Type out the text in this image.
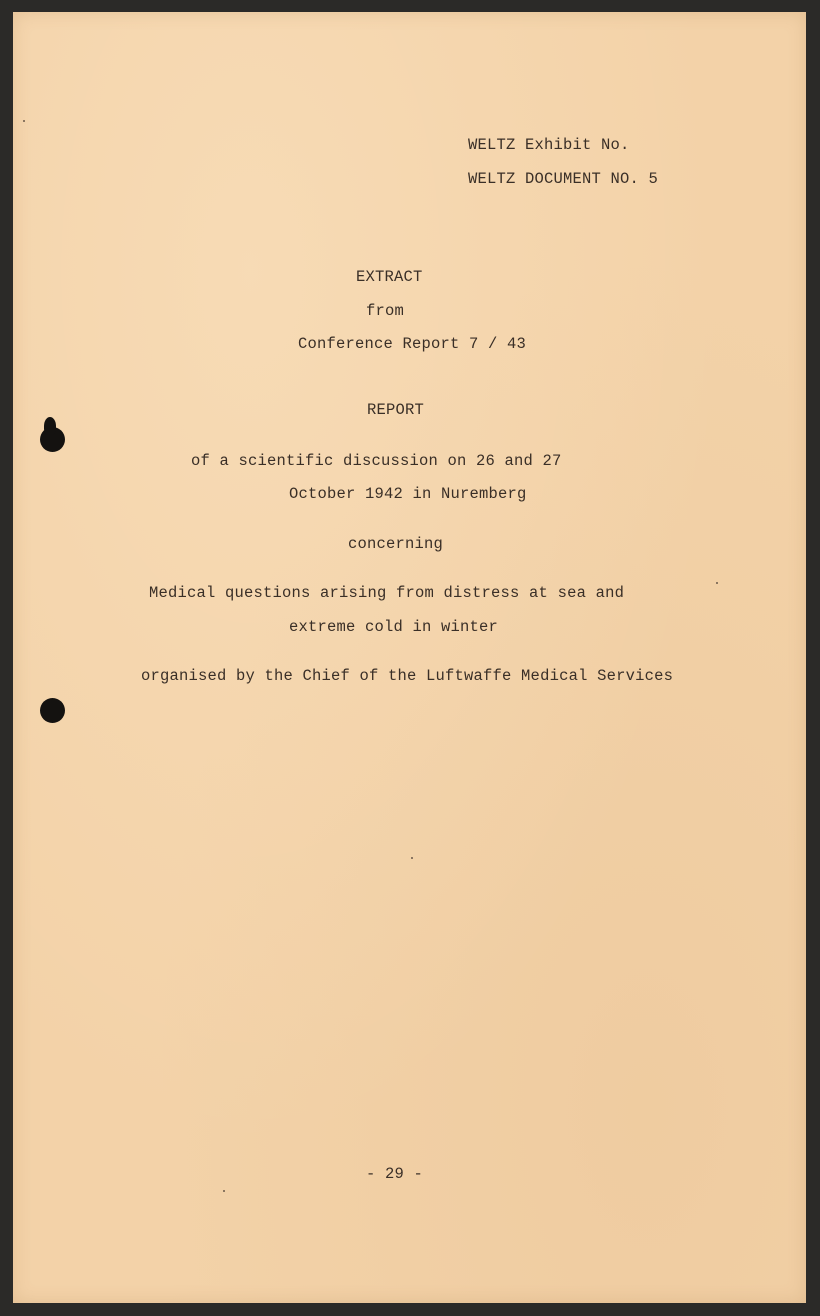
WELTZ Exhibit No.
WELTZ DOCUMENT NO. 5
EXTRACT
from
Conference Report 7 / 43
REPORT
of a scientific discussion on 26 and 27
October 1942 in Nuremberg
concerning
Medical questions arising from distress at sea and
extreme cold in winter
organised by the Chief of the Luftwaffe Medical Services
- 29 -
